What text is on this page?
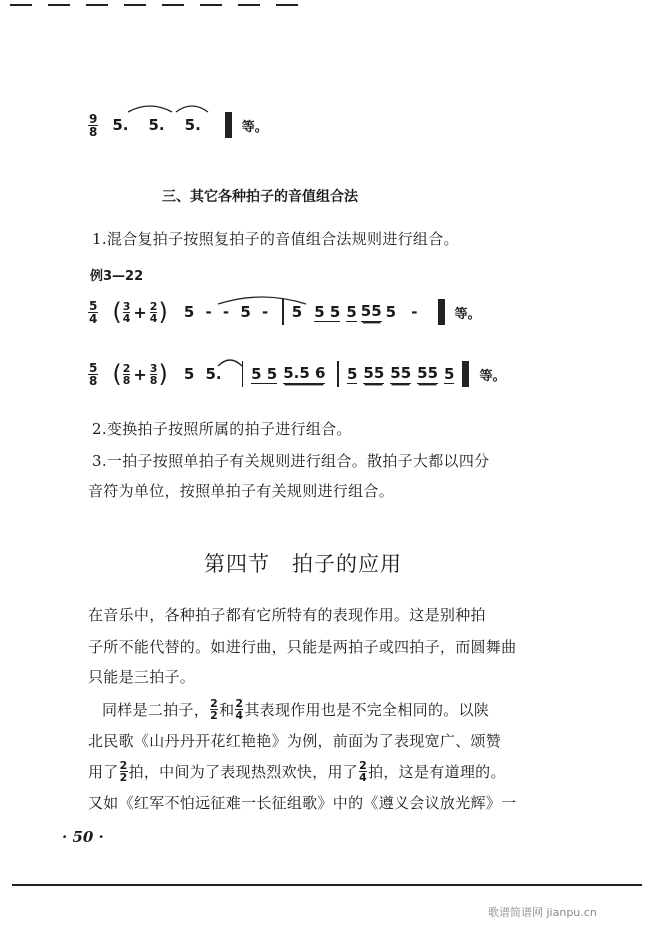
$\frac{9}{8} 5$. 5. 5.	等。
三、其它各种拍子的音值组合法
1.混合复拍子按照复拍子的音值组合法规则进行组合。
例3—22
$\frac{5}{4}$ ( 3
$4 + \frac{2}{4}$ ) 5 - - 5 - 5 5 5 5 55 5 -	等。
$\frac{5}{8}$ ( 2
$8 + \frac{3}{8}$ ) 5 5. 5 5 5.5 6 5 55 55 55 5 等。
2.变换拍子按照所属的拍子进行组合。
3.一拍子按照单拍子有关规则进行组合。散拍子大都以四分
音符为单位，按照单拍子有关规则进行组合。
第四节　拍子的应用
在音乐中，各种拍子都有它所特有的表现作用。这是别种拍
子所不能代替的。如进行曲，只能是两拍子或四拍子，而圆舞曲
只能是三拍子。
同样是二拍子， 2
2 和 2
4 其表现作用也是不完全相同的。以陕
北民歌《山丹丹开花红艳艳》为例，前面为了表现宽广、颂赞
用了 2
2 拍，中间为了表现热烈欢快，用了 2
4 拍，这是有道理的。
又如《红军不怕远征难一长征组歌》中的《遵义会议放光辉》一
· 50 ·
歌谱简谱网 jianpu.cn
